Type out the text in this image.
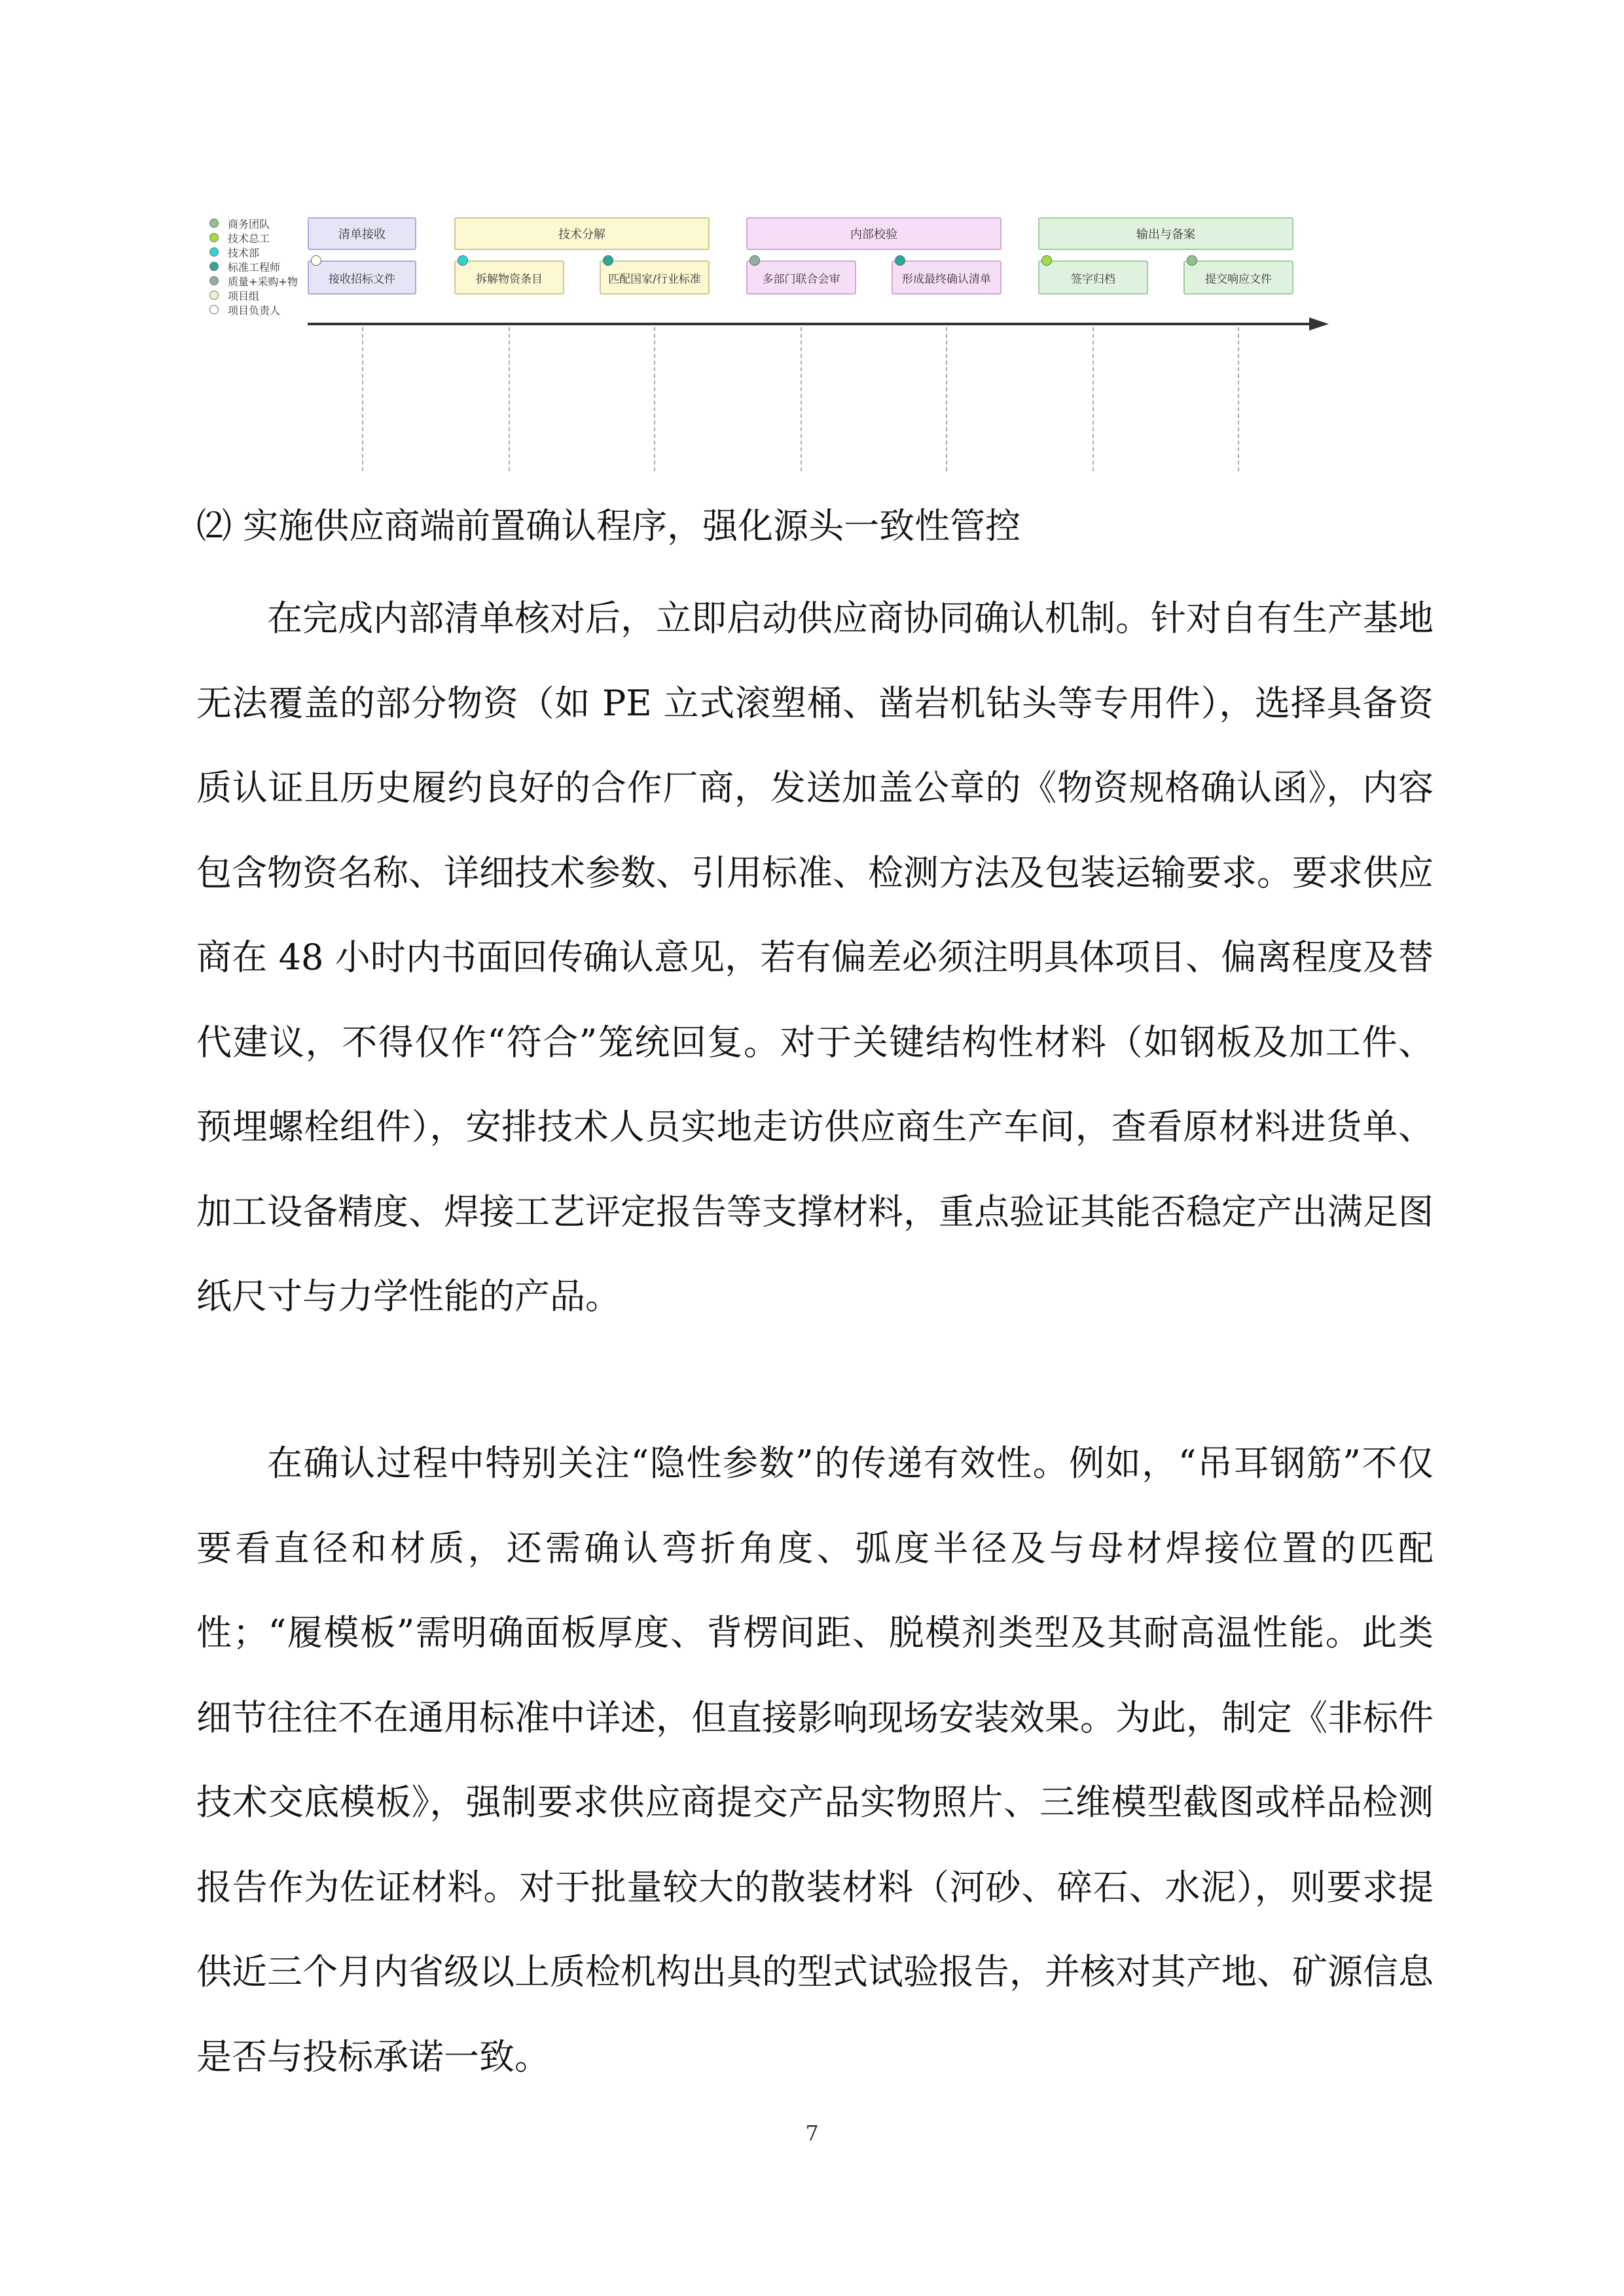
商务团队
技术总工
技术部
标准工程师
质量+采购+物
项目组
项目负责人
清单接收	技术分解	内部校验	输出与备案
接收招标文件	拆解物资条目	匹配国家/行业标准	多部门联合会审	形成最终确认清单	签字归档	提交响应文件
⑵ 实施供应商端前置确认程序，强化源头一致性管控

在完成内部清单核对后，立即启动供应商协同确认机制。针对自有生产基地无法覆盖的部分物资（如 PE 立式滚塑桶、凿岩机钻头等专用件），选择具备资质认证且历史履约良好的合作厂商，发送加盖公章的《物资规格确认函》，内容包含物资名称、详细技术参数、引用标准、检测方法及包装运输要求。要求供应商在 48 小时内书面回传确认意见，若有偏差必须注明具体项目、偏离程度及替代建议，不得仅作“符合”笼统回复。对于关键结构性材料（如钢板及加工件、预埋螺栓组件），安排技术人员实地走访供应商生产车间，查看原材料进货单、加工设备精度、焊接工艺评定报告等支撑材料，重点验证其能否稳定产出满足图纸尺寸与力学性能的产品。

在确认过程中特别关注“隐性参数”的传递有效性。例如，“吊耳钢筋”不仅要看直径和材质，还需确认弯折角度、弧度半径及与母材焊接位置的匹配性；“履模板”需明确面板厚度、背楞间距、脱模剂类型及其耐高温性能。此类细节往往不在通用标准中详述，但直接影响现场安装效果。为此，制定《非标件技术交底模板》，强制要求供应商提交产品实物照片、三维模型截图或样品检测报告作为佐证材料。对于批量较大的散装材料（河砂、碎石、水泥），则要求提供近三个月内省级以上质检机构出具的型式试验报告，并核对其产地、矿源信息是否与投标承诺一致。

7
